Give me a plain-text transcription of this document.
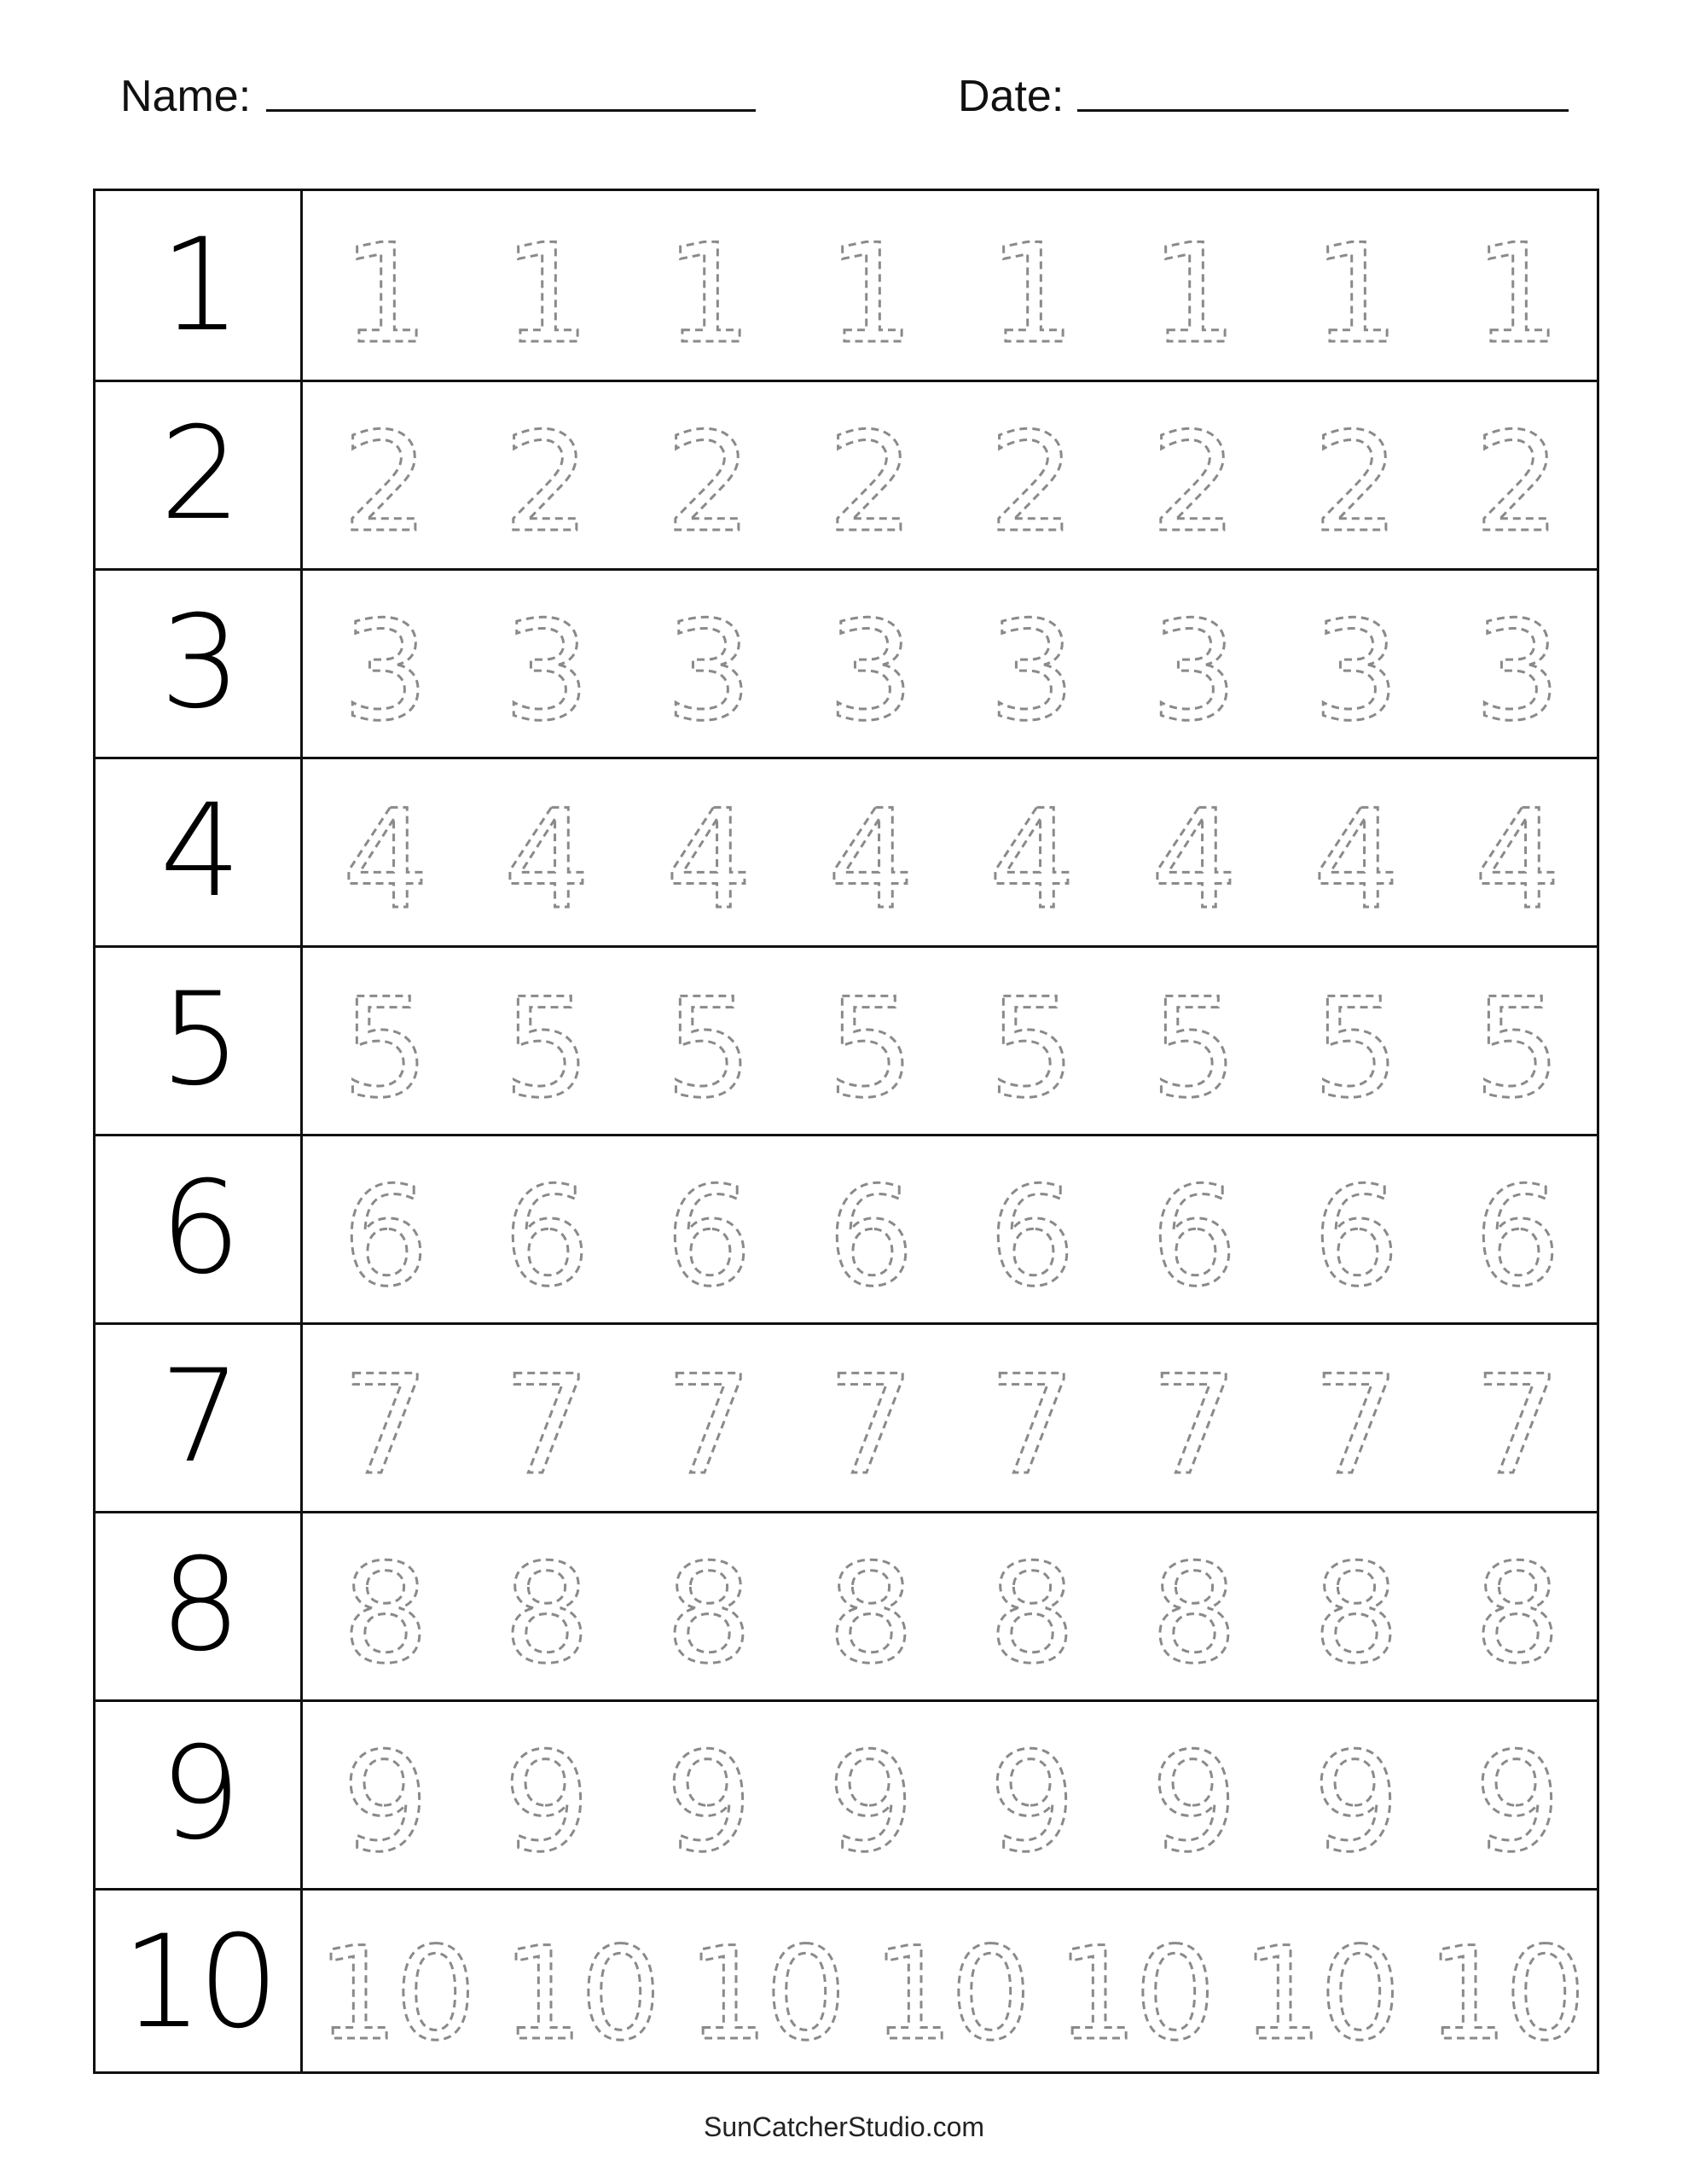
Name:	Date:
1 1 1 1 1 1 1 1 1
2 2 2 2 2 2 2 2 2
3 3 3 3 3 3 3 3 3
4 4 4 4 4 4 4 4 4
5 5 5 5 5 5 5 5 5
6 6 6 6 6 6 6 6 6
7 7 7 7 7 7 7 7 7
8 8 8 8 8 8 8 8 8
9 9 9 9 9 9 9 9 9
10 10 10 10 10 10 10 10
SunCatcherStudio.com
